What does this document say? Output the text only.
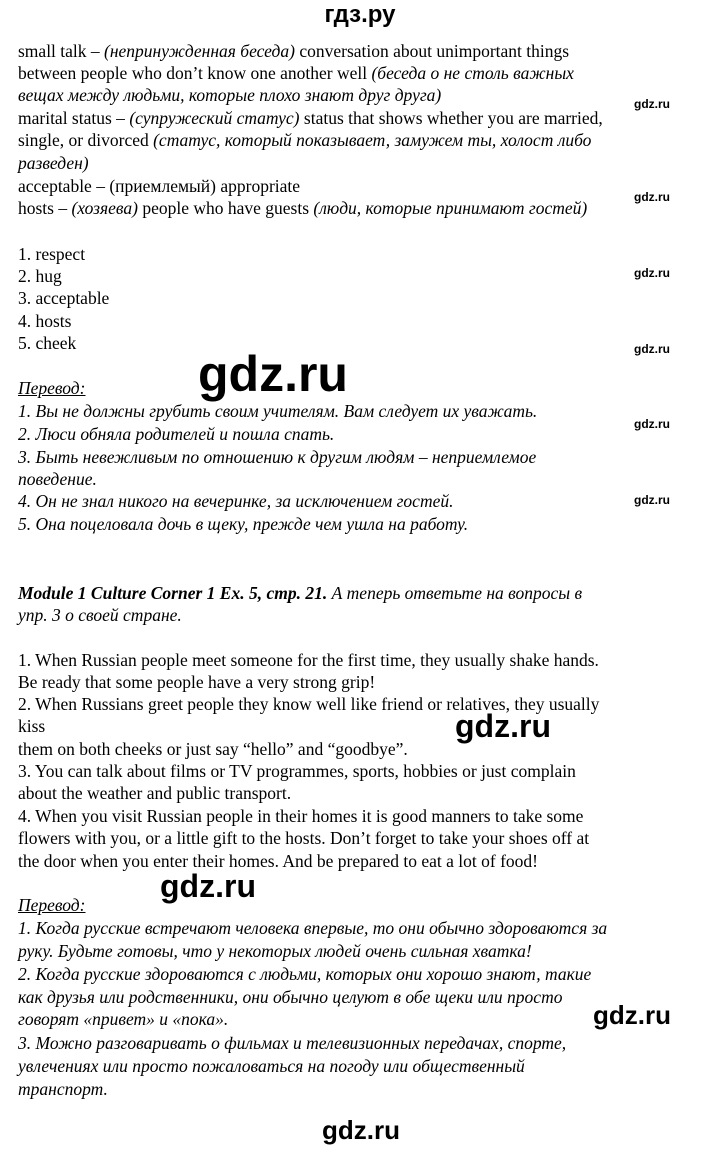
гдз.ру
small talk – (непринужденная беседа) conversation about unimportant things
between people who don’t know one another well (беседа о не столь важных
вещах между людьми, которые плохо знают друг друга)
marital status – (супружеский статус) status that shows whether you are married,
single, or divorced (статус, который показывает, замужем ты, холост либо
разведен)
acceptable – (приемлемый) appropriate
hosts – (хозяева) people who have guests (люди, которые принимают гостей)
1. respect
2. hug
3. acceptable
4. hosts
5. cheek
Перевод:
1. Вы не должны грубить своим учителям. Вам следует их уважать.
2. Люси обняла родителей и пошла спать.
3. Быть невежливым по отношению к другим людям – неприемлемое
поведение.
4. Он не знал никого на вечеринке, за исключением гостей.
5. Она поцеловала дочь в щеку, прежде чем ушла на работу.
Module 1 Culture Corner 1 Ex. 5, стр. 21. А теперь ответьте на вопросы в
упр. 3 о своей стране.
1. When Russian people meet someone for the first time, they usually shake hands.
Be ready that some people have a very strong grip!
2. When Russians greet people they know well like friend or relatives, they usually
kiss
them on both cheeks or just say “hello” and “goodbye”.
3. You can talk about films or TV programmes, sports, hobbies or just complain
about the weather and public transport.
4. When you visit Russian people in their homes it is good manners to take some
flowers with you, or a little gift to the hosts. Don’t forget to take your shoes off at
the door when you enter their homes. And be prepared to eat a lot of food!
Перевод:
1. Когда русские встречают человека впервые, то они обычно здороваются за
руку. Будьте готовы, что у некоторых людей очень сильная хватка!
2. Когда русские здороваются с людьми, которых они хорошо знают, такие
как друзья или родственники, они обычно целуют в обе щеки или просто
говорят «привет» и «пока».
3. Можно разговаривать о фильмах и телевизионных передачах, спорте,
увлечениях или просто пожаловаться на погоду или общественный
транспорт.
gdz.ru
gdz.ru
gdz.ru
gdz.ru
gdz.ru
gdz.ru
gdz.ru
gdz.ru
gdz.ru
gdz.ru
gdz.ru
